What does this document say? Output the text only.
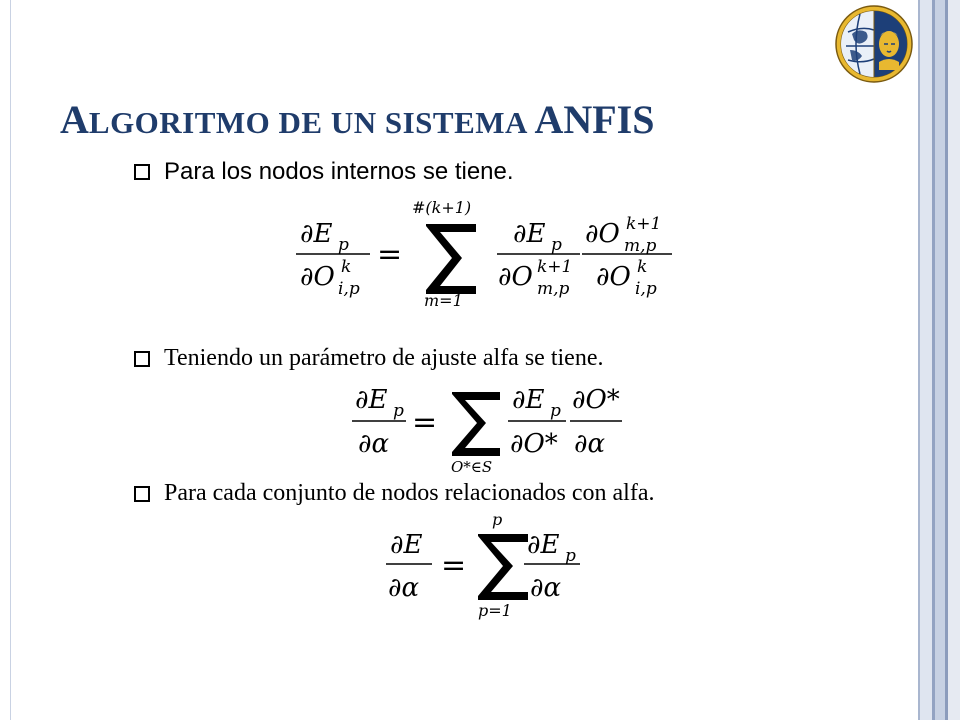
ALGORITMO DE UN SISTEMA ANFIS
Para los nodos internos se tiene.
Teniendo un parámetro de ajuste alfa se tiene.
Para cada conjunto de nodos relacionados con alfa.
∂E p
∂O k
i,p
=
#(k+1)
m=1
∂E p
∂O k+1
m,p
∂O k+1
m,p
∂O k
i,p
∂E p
∂α
=
O*∈S
∂E p
∂O*
∂O*
∂α
∂E
∂α
=
p
p=1
∂E p
∂α
